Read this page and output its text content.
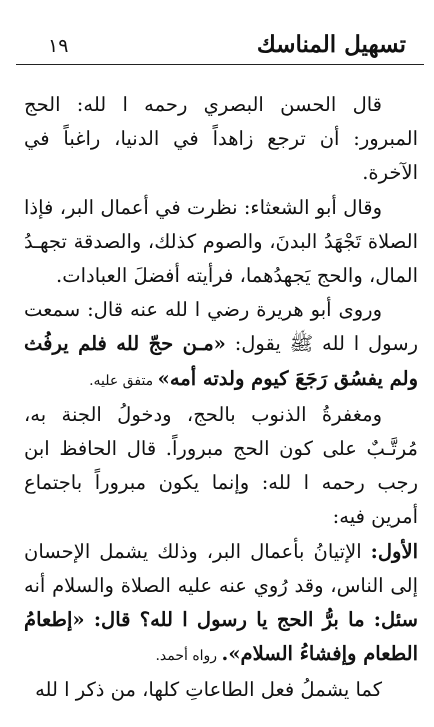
تسهيل المناسك
١٩

قال الحسن البصري رحمه ا لله: الحج المبرور: أن ترجع زاهداً في الدنيا، راغباً في الآخرة.

وقال أبو الشعثاء: نظرت في أعمال البر، فإذا الصلاة تَجْهَدُ البدنَ، والصوم كذلك، والصدقة تجهـدُ المال، والحج يَجهدُهما، فرأيته أفضلَ العبادات.

وروى أبو هريرة رضي ا لله عنه قال: سمعت رسول ا لله ﷺ يقول: «مـن حجّ لله فلم يرفُث ولم يفسُق رَجَعَ كيوم ولدته أمه» متفق عليه.

ومغفرةُ الذنوب بالحج، ودخولُ الجنة به، مُرتَّـبٌ على كون الحج مبروراً. قال الحافظ ابن رجب رحمه ا لله: وإنما يكون مبروراً باجتماع أمرين فيه:

الأول: الإتيانُ بأعمال البر، وذلك يشمل الإحسان إلى الناس، وقد رُوي عنه عليه الصلاة والسلام أنه سئل: ما برُّ الحج يا رسول ا لله؟ قال: «إطعامُ الطعام وإفشاءُ السلام». رواه أحمد.

كما يشملُ فعل الطاعاتِ كلها، من ذكر ا لله
